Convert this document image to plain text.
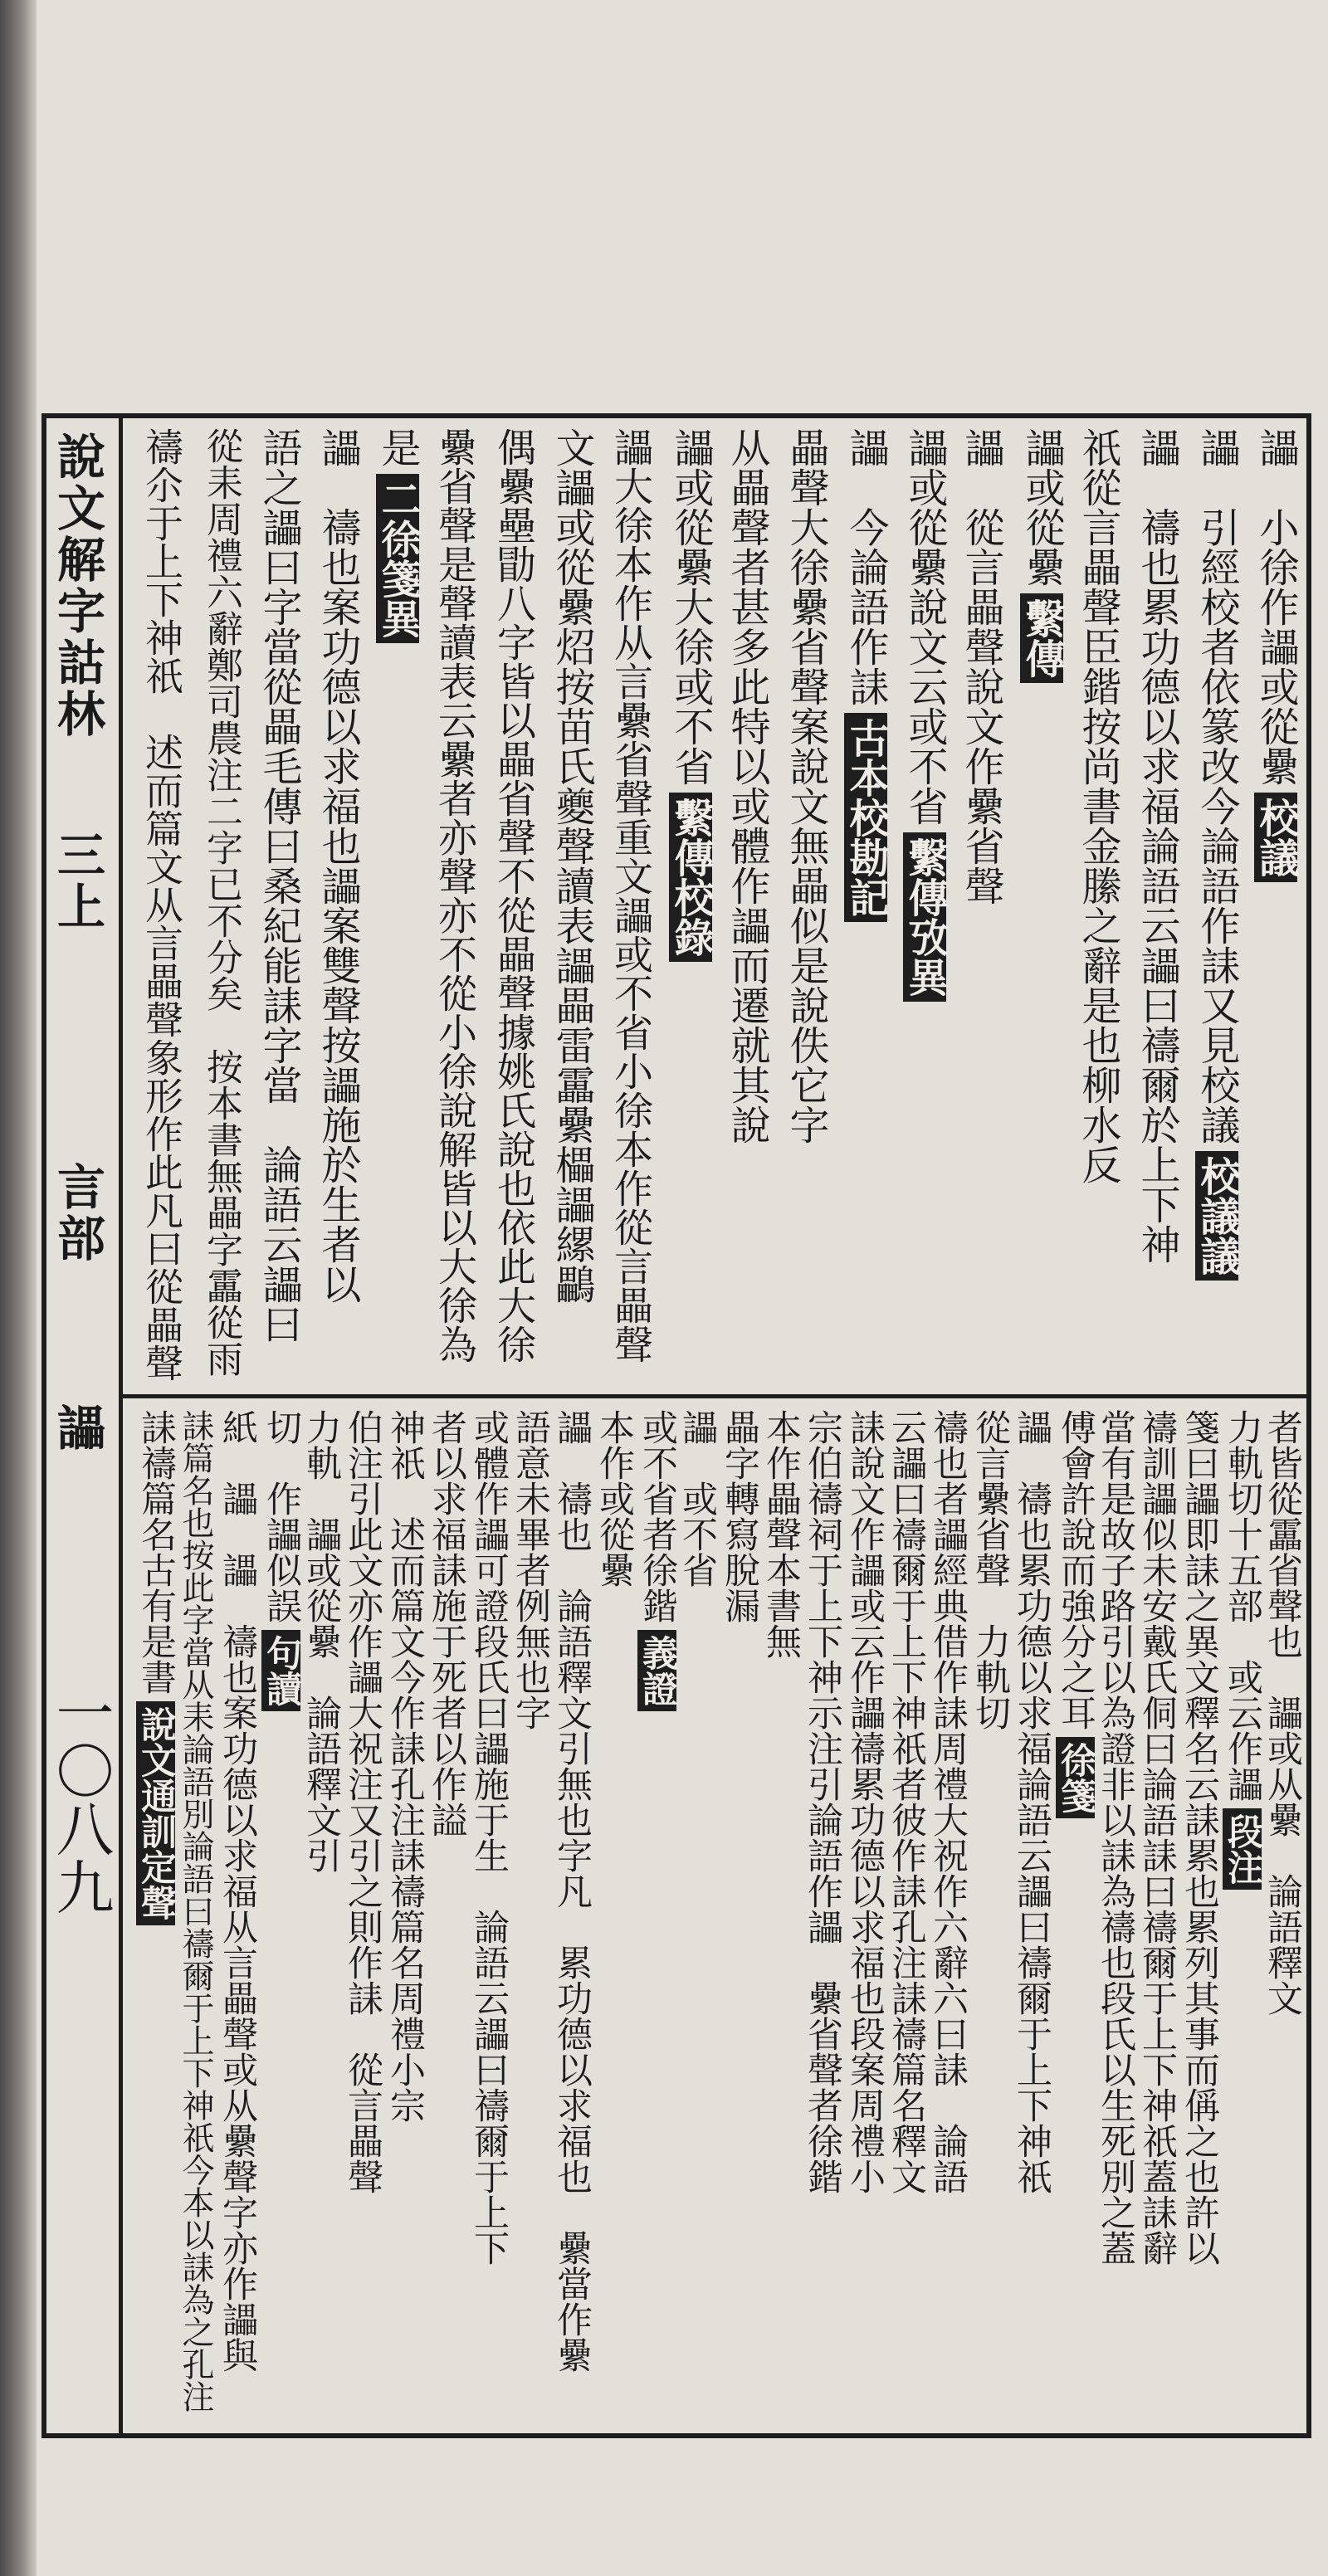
說文解字詁林
三上
言部
讄
一〇八九
讄　小徐作讄或從纍校議
讄　引經校者依篆改今論語作誄又見校議校議議
讄　禱也累功德以求福論語云讄曰禱爾於上下神
祇從言畾聲臣鍇按尚書金縢之辭是也柳水反
讄或從纍繫傳
讄　從言畾聲說文作纍省聲
讄或從纍說文云或不省繫傳攷異
讄　今論語作誄古本校勘記
畾聲大徐纍省聲案說文無畾似是說佚它字
从畾聲者甚多此特以或體作讄而遷就其說
讄或從纍大徐或不省繫傳校錄
讄大徐本作从言纍省聲重文讄或不省小徐本作從言畾聲
文讄或從纍炤按苗氏夔聲讀表讄畾雷靁纍櫑讄縲鸓
偶纍壘勖八字皆以畾省聲不從畾聲據姚氏說也依此大徐
纍省聲是聲讀表云纍者亦聲亦不從小徐說解皆以大徐為
是二徐箋異
讄　禱也案功德以求福也讄案雙聲按讄施於生者以
語之讄曰字當從畾毛傳曰桑紀能誄字當　論語云讄曰
從耒周禮六辭鄭司農注二字已不分矣　按本書無畾字靁從雨
禱尒于上下神祇　述而篇文从言畾聲象形作此凡曰從畾聲
者皆從靁省聲也　讄或从纍　論語釋文
力軌切十五部　或云作讄段注
箋曰讄即誄之異文釋名云誄累也累列其事而偁之也許以
禱訓讄似未安戴氏侗曰論語誄曰禱爾于上下神祇蓋誄辭
當有是故子路引以為證非以誄為禱也段氏以生死別之蓋
傅會許說而強分之耳徐箋
讄　禱也累功德以求福論語云讄曰禱爾于上下神祇
從言纍省聲　力軌切
禱也者讄經典借作誄周禮大祝作六辭六曰誄　論語
云讄曰禱爾于上下神祇者彼作誄孔注誄禱篇名釋文
誄說文作讄或云作讄禱累功德以求福也段案周禮小
宗伯禱祠于上下神示注引論語作讄　纍省聲者徐鍇
本作畾聲本書無
畾字轉寫脫漏
讄　或不省
或不省者徐鍇義證
本作或從纍
讄　禱也　論語釋文引無也字凡　累功德以求福也　纍當作纍
語意未畢者例無也字
或體作讄可證段氏曰讄施于生　論語云讄曰禱爾于上下
者以求福誄施于死者以作謚
神祇　述而篇文今作誄孔注誄禱篇名周禮小宗
伯注引此文亦作讄大祝注又引之則作誄　從言畾聲
力軌　讄或從纍　論語釋文引
切　作讄似誤句讀
紙　讄　讄　禱也案功德以求福从言畾聲或从纍聲字亦作讄與
誄篇名也按此字當从耒論語別論語曰禱爾于上下神祇今本以誄為之孔注
誄禱篇名古有是書說文通訓定聲
